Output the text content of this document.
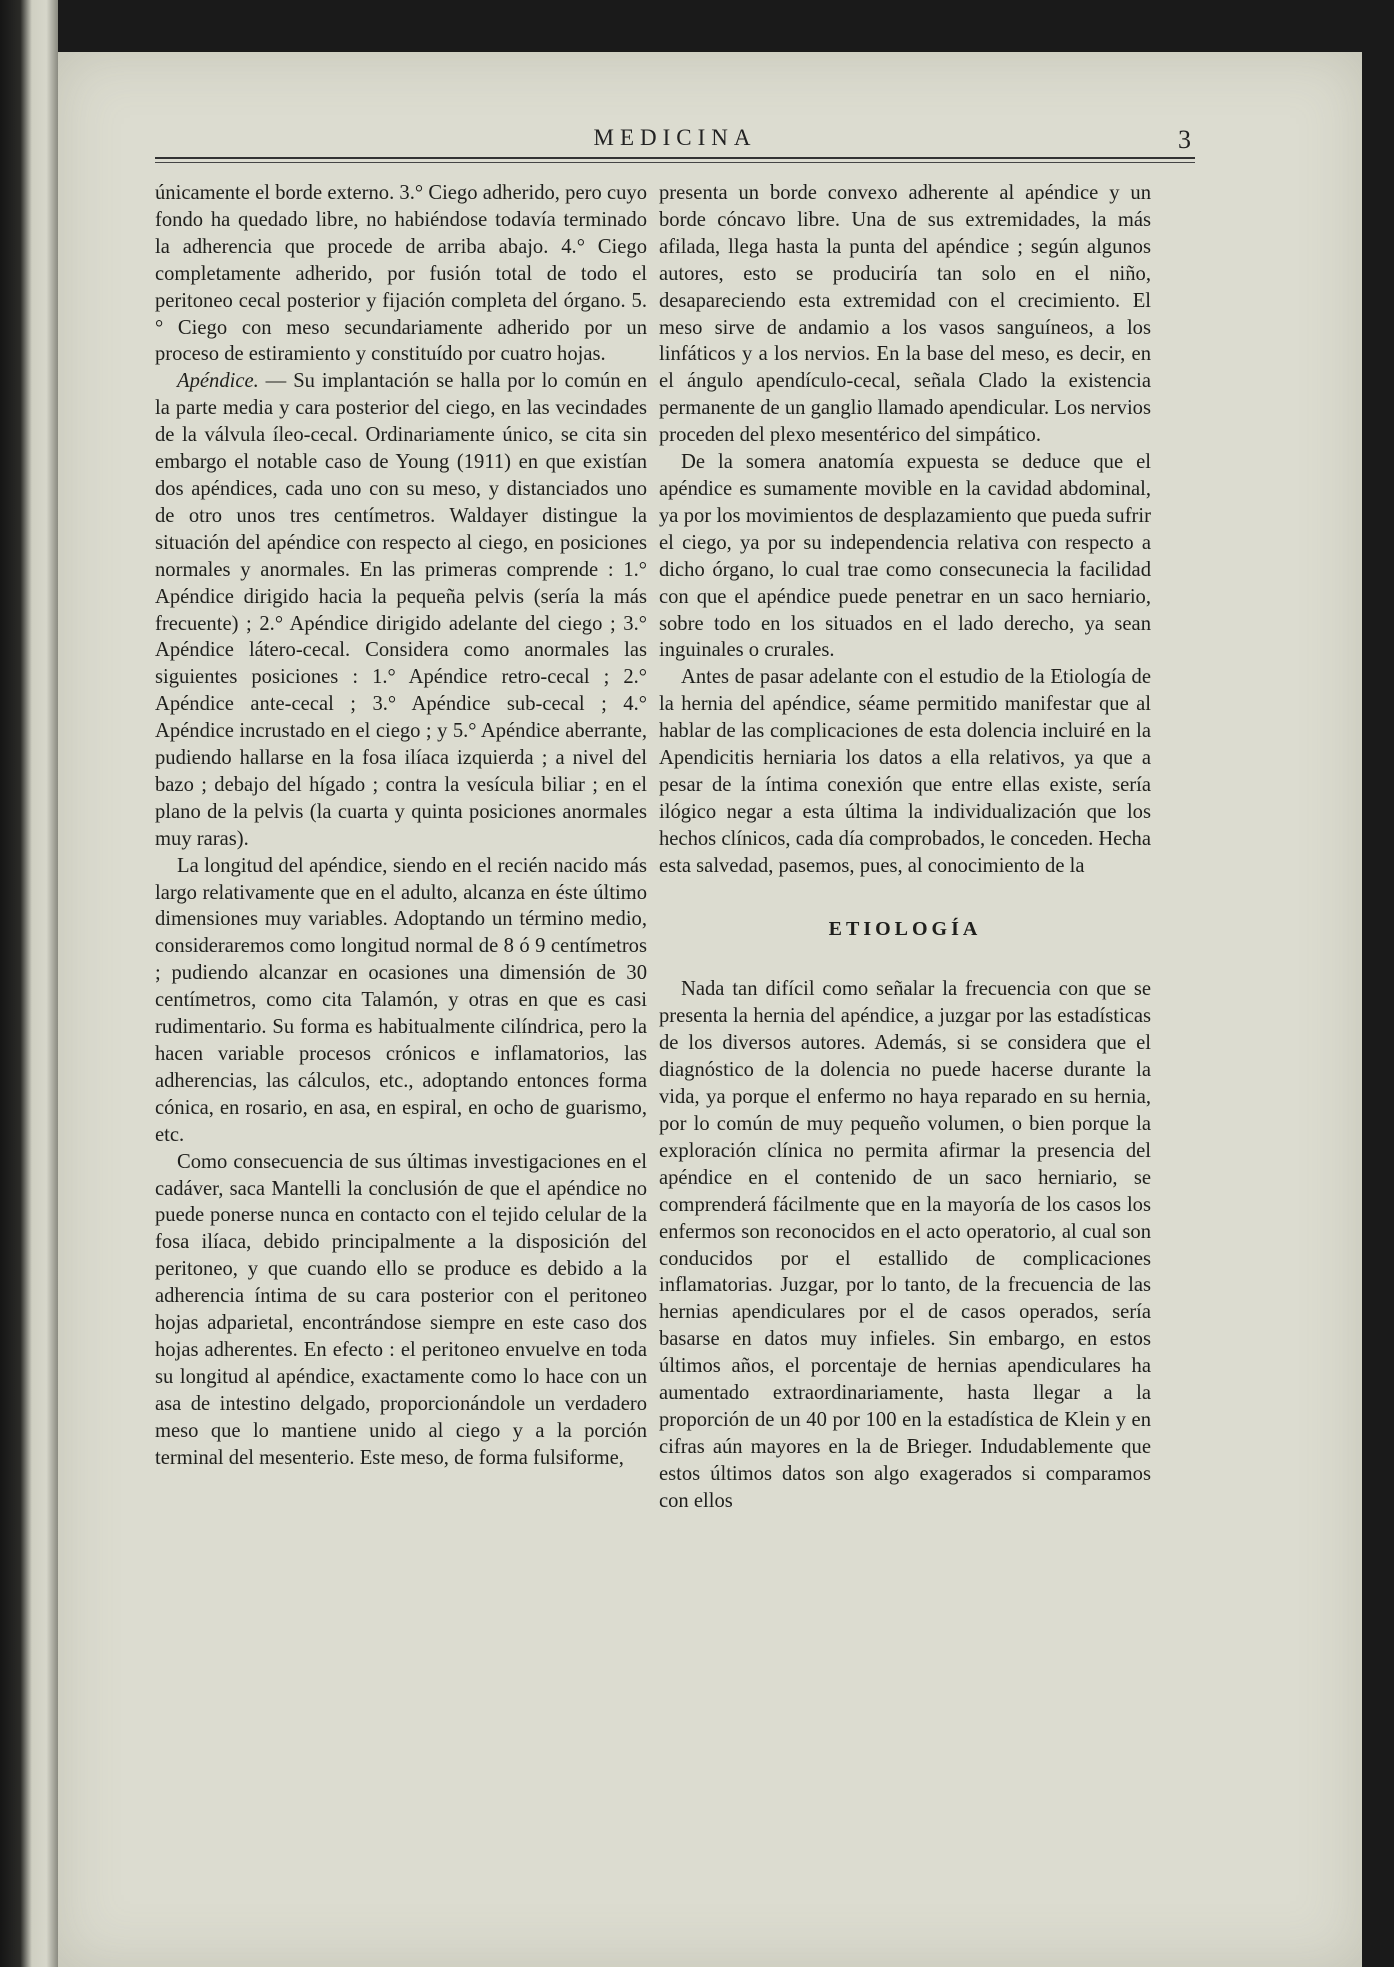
MEDICINA	3

únicamente el borde externo. 3.° Ciego adherido, pero cuyo fondo ha quedado libre, no habiéndose todavía terminado la adherencia que procede de arriba abajo. 4.° Ciego completamente adherido, por fusión total de todo el peritoneo cecal posterior y fijación completa del órgano. 5.° Ciego con meso secundariamente adherido por un proceso de estiramiento y constituído por cuatro hojas.

Apéndice. — Su implantación se halla por lo común en la parte media y cara posterior del ciego, en las vecindades de la válvula íleo-cecal. Ordinariamente único, se cita sin embargo el notable caso de Young (1911) en que existían dos apéndices, cada uno con su meso, y distanciados uno de otro unos tres centímetros. Waldayer distingue la situación del apéndice con respecto al ciego, en posiciones normales y anormales. En las primeras comprende : 1.° Apéndice dirigido hacia la pequeña pelvis (sería la más frecuente) ; 2.° Apéndice dirigido adelante del ciego ; 3.° Apéndice látero-cecal. Considera como anormales las siguientes posiciones : 1.° Apéndice retro-cecal ; 2.° Apéndice ante-cecal ; 3.° Apéndice sub-cecal ; 4.° Apéndice incrustado en el ciego ; y 5.° Apéndice aberrante, pudiendo hallarse en la fosa ilíaca izquierda ; a nivel del bazo ; debajo del hígado ; contra la vesícula biliar ; en el plano de la pelvis (la cuarta y quinta posiciones anormales muy raras).

La longitud del apéndice, siendo en el recién nacido más largo relativamente que en el adulto, alcanza en éste último dimensiones muy variables. Adoptando un término medio, consideraremos como longitud normal de 8 ó 9 centímetros ; pudiendo alcanzar en ocasiones una dimensión de 30 centímetros, como cita Talamón, y otras en que es casi rudimentario. Su forma es habitualmente cilíndrica, pero la hacen variable procesos crónicos e inflamatorios, las adherencias, las cálculos, etc., adoptando entonces forma cónica, en rosario, en asa, en espiral, en ocho de guarismo, etc.

Como consecuencia de sus últimas investigaciones en el cadáver, saca Mantelli la conclusión de que el apéndice no puede ponerse nunca en contacto con el tejido celular de la fosa ilíaca, debido principalmente a la disposición del peritoneo, y que cuando ello se produce es debido a la adherencia íntima de su cara posterior con el peritoneo hojas adparietal, encontrándose siempre en este caso dos hojas adherentes. En efecto : el peritoneo envuelve en toda su longitud al apéndice, exactamente como lo hace con un asa de intestino delgado, proporcionándole un verdadero meso que lo mantiene unido al ciego y a la porción terminal del mesenterio. Este meso, de forma fulsiforme,

presenta un borde convexo adherente al apéndice y un borde cóncavo libre. Una de sus extremidades, la más afilada, llega hasta la punta del apéndice ; según algunos autores, esto se produciría tan solo en el niño, desapareciendo esta extremidad con el crecimiento. El meso sirve de andamio a los vasos sanguíneos, a los linfáticos y a los nervios. En la base del meso, es decir, en el ángulo apendículo-cecal, señala Clado la existencia permanente de un ganglio llamado apendicular. Los nervios proceden del plexo mesentérico del simpático.

De la somera anatomía expuesta se deduce que el apéndice es sumamente movible en la cavidad abdominal, ya por los movimientos de desplazamiento que pueda sufrir el ciego, ya por su independencia relativa con respecto a dicho órgano, lo cual trae como consecunecia la facilidad con que el apéndice puede penetrar en un saco herniario, sobre todo en los situados en el lado derecho, ya sean inguinales o crurales.

Antes de pasar adelante con el estudio de la Etiología de la hernia del apéndice, séame permitido manifestar que al hablar de las complicaciones de esta dolencia incluiré en la Apendicitis herniaria los datos a ella relativos, ya que a pesar de la íntima conexión que entre ellas existe, sería ilógico negar a esta última la individualización que los hechos clínicos, cada día comprobados, le conceden. Hecha esta salvedad, pasemos, pues, al conocimiento de la

ETIOLOGÍA

Nada tan difícil como señalar la frecuencia con que se presenta la hernia del apéndice, a juzgar por las estadísticas de los diversos autores. Además, si se considera que el diagnóstico de la dolencia no puede hacerse durante la vida, ya porque el enfermo no haya reparado en su hernia, por lo común de muy pequeño volumen, o bien porque la exploración clínica no permita afirmar la presencia del apéndice en el contenido de un saco herniario, se comprenderá fácilmente que en la mayoría de los casos los enfermos son reconocidos en el acto operatorio, al cual son conducidos por el estallido de complicaciones inflamatorias. Juzgar, por lo tanto, de la frecuencia de las hernias apendiculares por el de casos operados, sería basarse en datos muy infieles. Sin embargo, en estos últimos años, el porcentaje de hernias apendiculares ha aumentado extraordinariamente, hasta llegar a la proporción de un 40 por 100 en la estadística de Klein y en cifras aún mayores en la de Brieger. Indudablemente que estos últimos datos son algo exagerados si comparamos con ellos
